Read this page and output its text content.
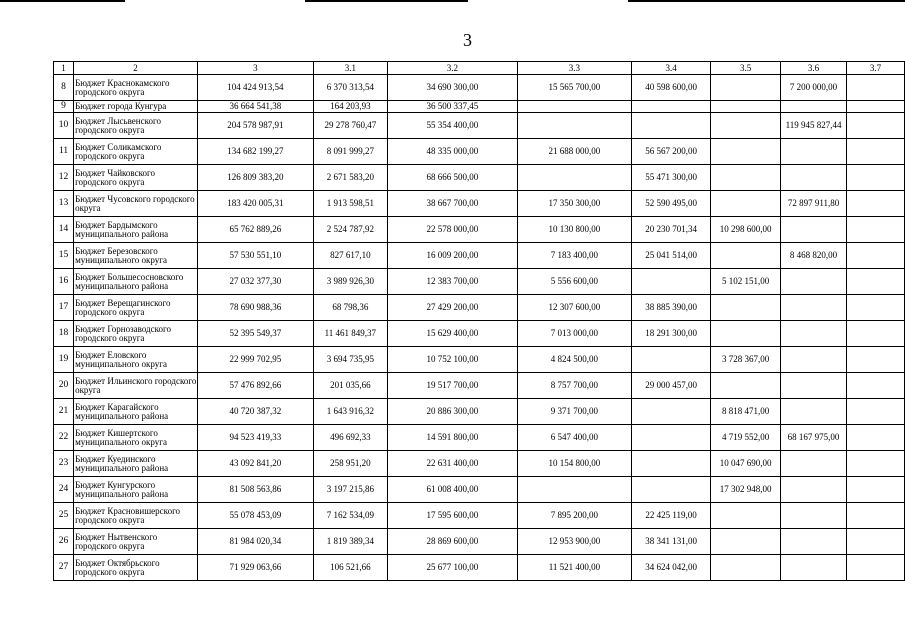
3
1	2	3	3.1	3.2	3.3	3.4	3.5	3.6	3.7
8	Бюджет Краснокамского городского округа	104 424 913,54	6 370 313,54	34 690 300,00	15 565 700,00	40 598 600,00		7 200 000,00	
9	Бюджет города Кунгура	36 664 541,38	164 203,93	36 500 337,45					
10	Бюджет Лысьвенского городского округа	204 578 987,91	29 278 760,47	55 354 400,00				119 945 827,44	
11	Бюджет Соликамского городского округа	134 682 199,27	8 091 999,27	48 335 000,00	21 688 000,00	56 567 200,00			
12	Бюджет Чайковского городского округа	126 809 383,20	2 671 583,20	68 666 500,00		55 471 300,00			
13	Бюджет Чусовского городского округа	183 420 005,31	1 913 598,51	38 667 700,00	17 350 300,00	52 590 495,00		72 897 911,80	
14	Бюджет Бардымского муниципального района	65 762 889,26	2 524 787,92	22 578 000,00	10 130 800,00	20 230 701,34	10 298 600,00		
15	Бюджет Березовского муниципального округа	57 530 551,10	827 617,10	16 009 200,00	7 183 400,00	25 041 514,00		8 468 820,00	
16	Бюджет Большесосновского муниципального района	27 032 377,30	3 989 926,30	12 383 700,00	5 556 600,00		5 102 151,00		
17	Бюджет Верещагинского городского округа	78 690 988,36	68 798,36	27 429 200,00	12 307 600,00	38 885 390,00			
18	Бюджет Горнозаводского городского округа	52 395 549,37	11 461 849,37	15 629 400,00	7 013 000,00	18 291 300,00			
19	Бюджет Еловского муниципального округа	22 999 702,95	3 694 735,95	10 752 100,00	4 824 500,00		3 728 367,00		
20	Бюджет Ильинского городского округа	57 476 892,66	201 035,66	19 517 700,00	8 757 700,00	29 000 457,00			
21	Бюджет Карагайского муниципального района	40 720 387,32	1 643 916,32	20 886 300,00	9 371 700,00		8 818 471,00		
22	Бюджет Кишертского муниципального округа	94 523 419,33	496 692,33	14 591 800,00	6 547 400,00		4 719 552,00	68 167 975,00	
23	Бюджет Куединского муниципального района	43 092 841,20	258 951,20	22 631 400,00	10 154 800,00		10 047 690,00		
24	Бюджет Кунгурского муниципального района	81 508 563,86	3 197 215,86	61 008 400,00			17 302 948,00		
25	Бюджет Красновишерского городского округа	55 078 453,09	7 162 534,09	17 595 600,00	7 895 200,00	22 425 119,00			
26	Бюджет Нытвенского городского округа	81 984 020,34	1 819 389,34	28 869 600,00	12 953 900,00	38 341 131,00			
27	Бюджет Октябрьского городского округа	71 929 063,66	106 521,66	25 677 100,00	11 521 400,00	34 624 042,00			
